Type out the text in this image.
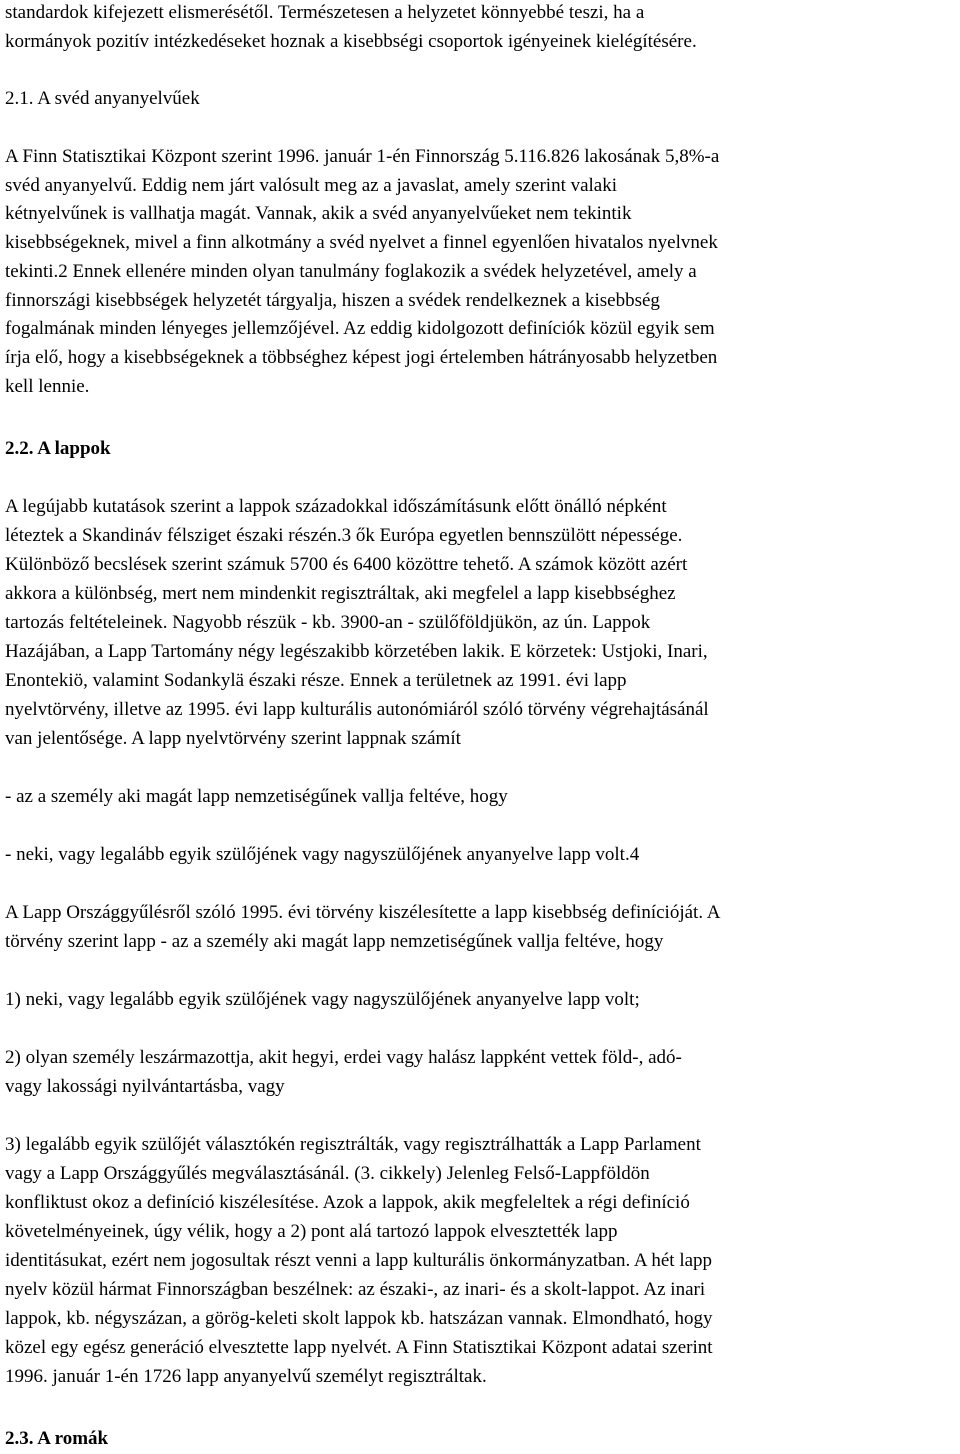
standardok kifejezett elismerésétől. Természetesen a helyzetet könnyebbé teszi, ha a
kormányok pozitív intézkedéseket hoznak a kisebbségi csoportok igényeinek kielégítésére.
2.1. A svéd anyanyelvűek
A Finn Statisztikai Központ szerint 1996. január 1-én Finnország 5.116.826 lakosának 5,8%-a
svéd anyanyelvű. Eddig nem járt valósult meg az a javaslat, amely szerint valaki
kétnyelvűnek is vallhatja magát. Vannak, akik a svéd anyanyelvűeket nem tekintik
kisebbségeknek, mivel a finn alkotmány a svéd nyelvet a finnel egyenlően hivatalos nyelvnek
tekinti.2 Ennek ellenére minden olyan tanulmány foglakozik a svédek helyzetével, amely a
finnországi kisebbségek helyzetét tárgyalja, hiszen a svédek rendelkeznek a kisebbség
fogalmának minden lényeges jellemzőjével. Az eddig kidolgozott definíciók közül egyik sem
írja elő, hogy a kisebbségeknek a többséghez képest jogi értelemben hátrányosabb helyzetben
kell lennie.
2.2. A lappok
A legújabb kutatások szerint a lappok századokkal időszámításunk előtt önálló népként
léteztek a Skandináv félsziget északi részén.3 ők Európa egyetlen bennszülött népessége.
Különböző becslések szerint számuk 5700 és 6400 közöttre tehető. A számok között azért
akkora a különbség, mert nem mindenkit regisztráltak, aki megfelel a lapp kisebbséghez
tartozás feltételeinek. Nagyobb részük - kb. 3900-an - szülőföldjükön, az ún. Lappok
Hazájában, a Lapp Tartomány négy legészakibb körzetében lakik. E körzetek: Ustjoki, Inari,
Enontekiö, valamint Sodankylä északi része. Ennek a területnek az 1991. évi lapp
nyelvtörvény, illetve az 1995. évi lapp kulturális autonómiáról szóló törvény végrehajtásánál
van jelentősége. A lapp nyelvtörvény szerint lappnak számít
- az a személy aki magát lapp nemzetiségűnek vallja feltéve, hogy
- neki, vagy legalább egyik szülőjének vagy nagyszülőjének anyanyelve lapp volt.4
A Lapp Országgyűlésről szóló 1995. évi törvény kiszélesítette a lapp kisebbség definícióját. A
törvény szerint lapp - az a személy aki magát lapp nemzetiségűnek vallja feltéve, hogy
1) neki, vagy legalább egyik szülőjének vagy nagyszülőjének anyanyelve lapp volt;
2) olyan személy leszármazottja, akit hegyi, erdei vagy halász lappként vettek föld-, adó-
vagy lakossági nyilvántartásba, vagy
3) legalább egyik szülőjét választókén regisztrálták, vagy regisztrálhatták a Lapp Parlament
vagy a Lapp Országgyűlés megválasztásánál. (3. cikkely) Jelenleg Felső-Lappföldön
konfliktust okoz a definíció kiszélesítése. Azok a lappok, akik megfeleltek a régi definíció
követelményeinek, úgy vélik, hogy a 2) pont alá tartozó lappok elvesztették lapp
identitásukat, ezért nem jogosultak részt venni a lapp kulturális önkormányzatban. A hét lapp
nyelv közül hármat Finnországban beszélnek: az északi-, az inari- és a skolt-lappot. Az inari
lappok, kb. négyszázan, a görög-keleti skolt lappok kb. hatszázan vannak. Elmondható, hogy
közel egy egész generáció elvesztette lapp nyelvét. A Finn Statisztikai Központ adatai szerint
1996. január 1-én 1726 lapp anyanyelvű személyt regisztráltak.
2.3. A romák
